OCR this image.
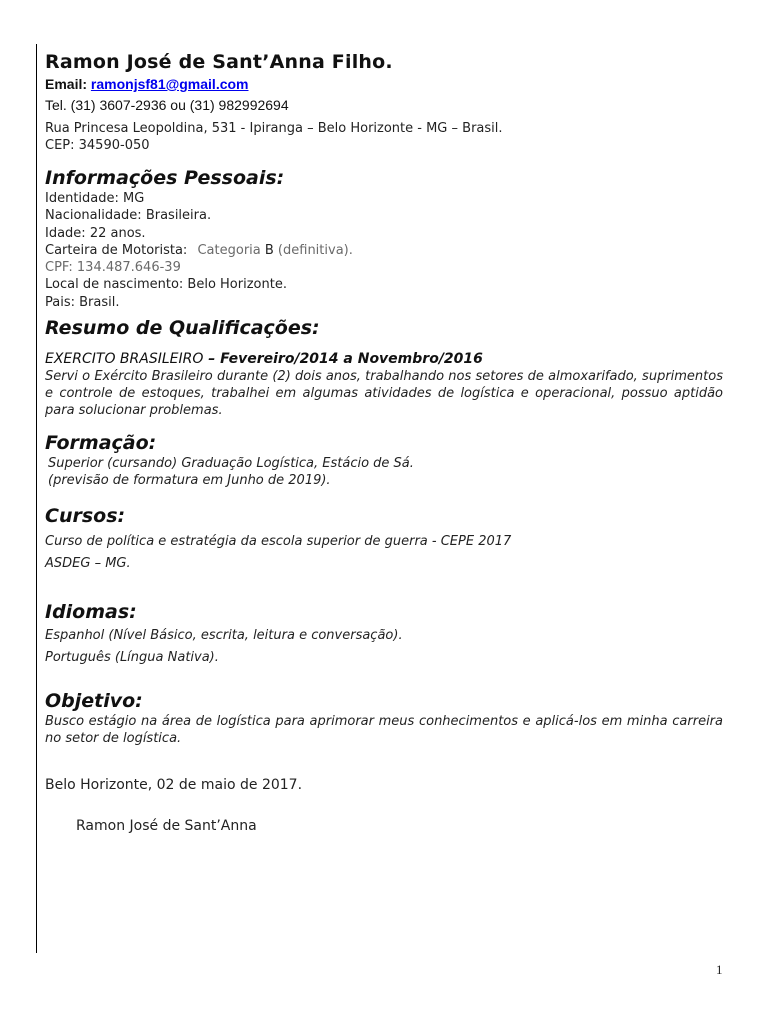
Ramon José de Sant’Anna Filho.
Email: ramonjsf81@gmail.com
Tel. (31) 3607-2936 ou (31) 982992694
Rua Princesa Leopoldina, 531 - Ipiranga – Belo Horizonte - MG – Brasil.
CEP: 34590-050
Informações Pessoais:
Identidade: MG
Nacionalidade: Brasileira.
Idade: 22 anos.
Carteira de Motorista: Categoria B (definitiva).
CPF: 134.487.646-39
Local de nascimento: Belo Horizonte.
Pais: Brasil.
Resumo de Qualificações:
EXERCITO BRASILEIRO – Fevereiro/2014 a Novembro/2016
Servi o Exército Brasileiro durante (2) dois anos, trabalhando nos setores de almoxarifado, suprimentos e controle de estoques, trabalhei em algumas atividades de logística e operacional, possuo aptidão para solucionar problemas.
Formação:
Superior (cursando) Graduação Logística, Estácio de Sá.
(previsão de formatura em Junho de 2019).
Cursos:
Curso de política e estratégia da escola superior de guerra - CEPE 2017
ASDEG – MG.
Idiomas:
Espanhol (Nível Básico, escrita, leitura e conversação).
Português (Língua Nativa).
Objetivo:
Busco estágio na área de logística para aprimorar meus conhecimentos e aplicá-los em minha carreira no setor de logística.
Belo Horizonte, 02 de maio de 2017.
Ramon José de Sant’Anna
1
